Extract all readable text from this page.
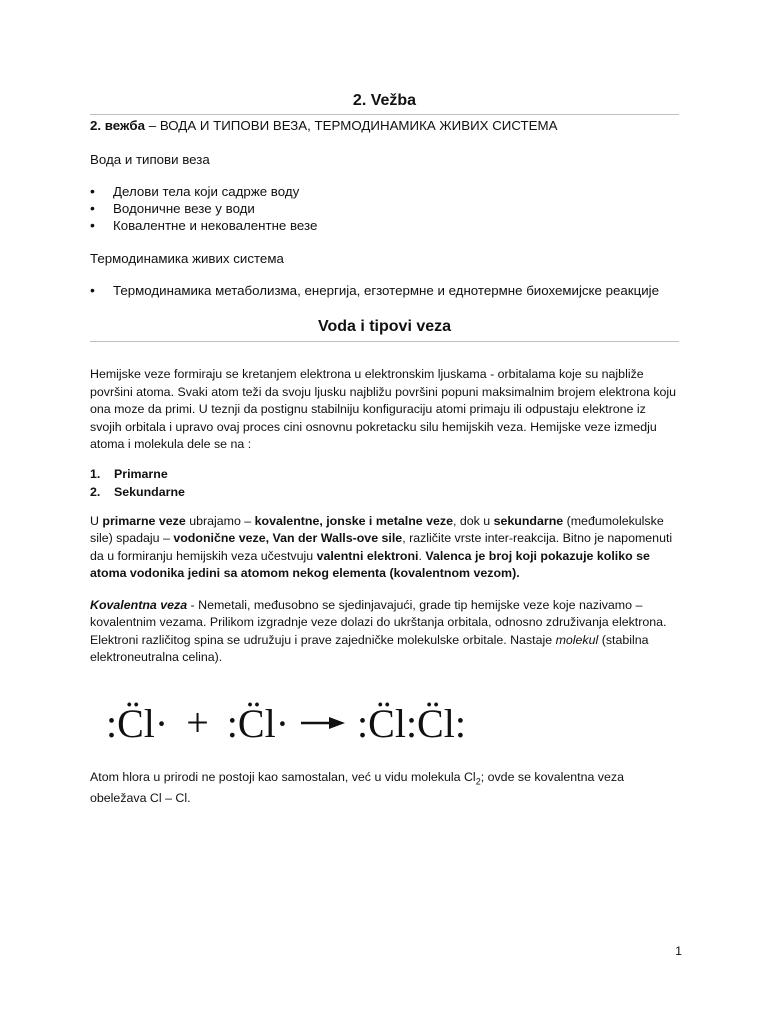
2. Vežba

2. вежба – ВОДА И ТИПОВИ ВЕЗА, ТЕРМОДИНАМИКА ЖИВИХ СИСТЕМА

Вода и типови веза

• Делови тела који садрже воду
• Водоничне везе у води
• Ковалентне и нековалентне везе

Термодинамика живих система

• Термодинамика метаболизма, енергија, егзотермне и еднотермне биохемијске реакције
Voda i tipovi veza

Hemijske veze formiraju se kretanjem elektrona u elektronskim ljuskama - orbitalama koje su najbliže površini atoma. Svaki atom teži da svoju ljusku najbližu površini popuni maksimalnim brojem elektrona koju ona moze da primi. U teznji da postignu stabilniju konfiguraciju atomi primaju ili odpustaju elektrone iz svojih orbitala i upravo ovaj proces cini osnovnu pokretacku silu hemijskih veza. Hemijske veze izmedju atoma i molekula dele se na :

1. Primarne
2. Sekundarne

U primarne veze ubrajamo – kovalentne, jonske i metalne veze, dok u sekundarne (međumolekulske sile) spadaju – vodonične veze, Van der Walls-ove sile, različite vrste inter-reakcija. Bitno je napomenuti da u formiranju hemijskih veza učestvuju valentni elektroni. Valenca je broj koji pokazuje koliko se atoma vodonika jedini sa atomom nekog elementa (kovalentnom vezom).

Kovalentna veza - Nemetali, međusobno se sjedinjavajući, grade tip hemijske veze koje nazivamo – kovalentnim vezama. Prilikom izgradnje veze dolazi do ukrštanja orbitala, odnosno združivanja elektrona. Elektroni različitog spina se udružuju i prave zajedničke molekulske orbitale. Nastaje molekul (stabilna elektroneutralna celina).

:C̈l· + :C̈l· → :C̈l:C̈l:

Atom hlora u prirodi ne postoji kao samostalan, već u vidu molekula $Cl_2$; ovde se kovalentna veza obeležava Cl – Cl.

1
